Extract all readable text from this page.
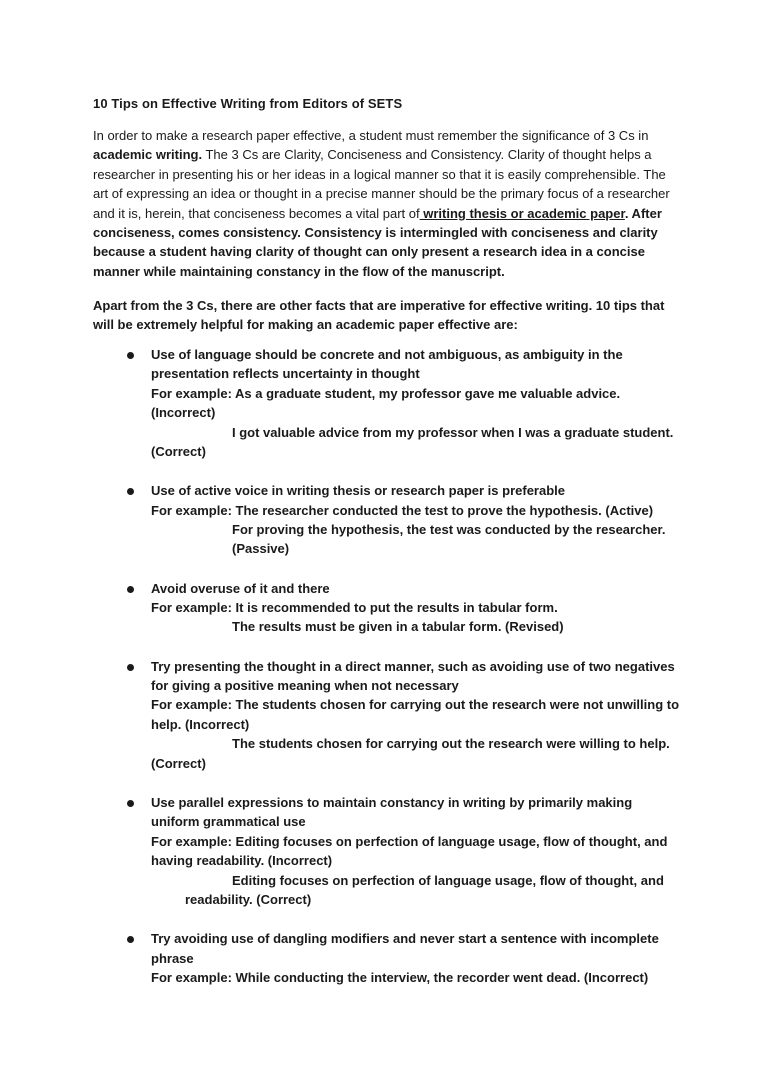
10 Tips on Effective Writing from Editors of SETS

In order to make a research paper effective, a student must remember the significance of 3 Cs in academic writing. The 3 Cs are Clarity, Conciseness and Consistency. Clarity of thought helps a researcher in presenting his or her ideas in a logical manner so that it is easily comprehensible. The art of expressing an idea or thought in a precise manner should be the primary focus of a researcher and it is, herein, that conciseness becomes a vital part of writing thesis or academic paper. After conciseness, comes consistency. Consistency is intermingled with conciseness and clarity because a student having clarity of thought can only present a research idea in a concise manner while maintaining constancy in the flow of the manuscript.

Apart from the 3 Cs, there are other facts that are imperative for effective writing. 10 tips that will be extremely helpful for making an academic paper effective are:

Use of language should be concrete and not ambiguous, as ambiguity in the presentation reflects uncertainty in thought
For example: As a graduate student, my professor gave me valuable advice. (Incorrect)
I got valuable advice from my professor when I was a graduate student.
(Correct)
Use of active voice in writing thesis or research paper is preferable
For example: The researcher conducted the test to prove the hypothesis. (Active)
For proving the hypothesis, the test was conducted by the researcher.
(Passive)
Avoid overuse of it and there
For example: It is recommended to put the results in tabular form.
The results must be given in a tabular form. (Revised)
Try presenting the thought in a direct manner, such as avoiding use of two negatives for giving a positive meaning when not necessary
For example: The students chosen for carrying out the research were not unwilling to help. (Incorrect)
The students chosen for carrying out the research were willing to help.
(Correct)
Use parallel expressions to maintain constancy in writing by primarily making uniform grammatical use
For example: Editing focuses on perfection of language usage, flow of thought, and having readability. (Incorrect)
Editing focuses on perfection of language usage, flow of thought, and
readability. (Correct)
Try avoiding use of dangling modifiers and never start a sentence with incomplete phrase
For example: While conducting the interview, the recorder went dead. (Incorrect)
